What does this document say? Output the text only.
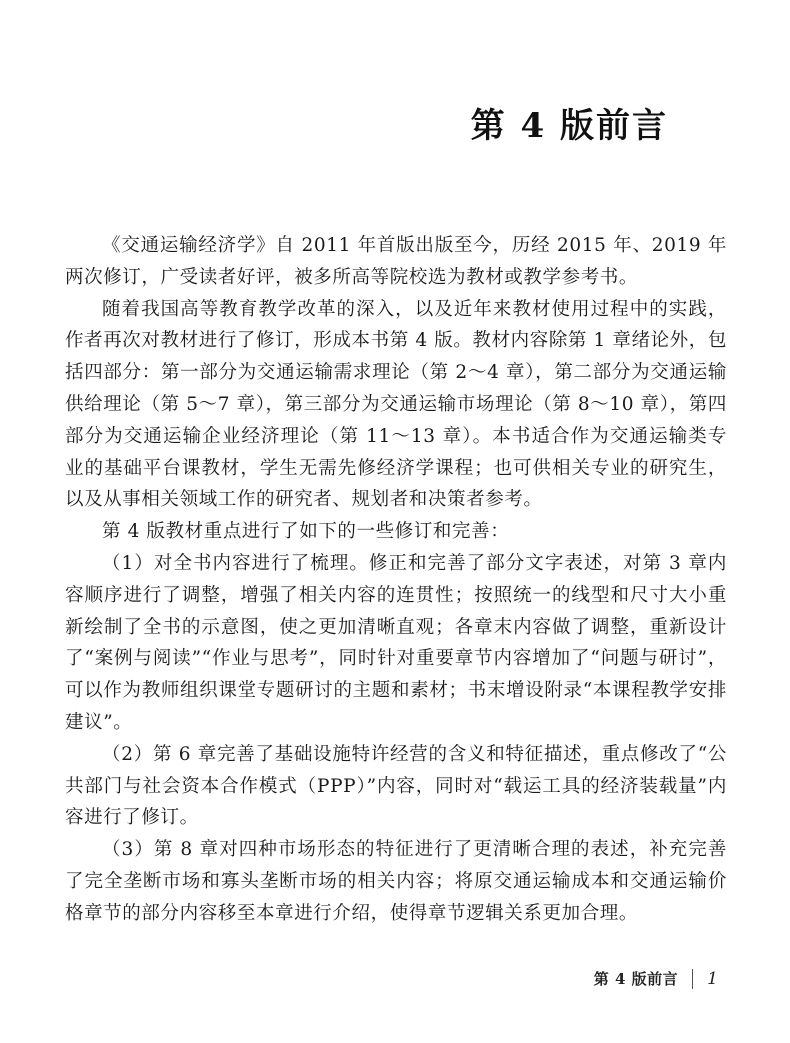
第 4 版前言

《交通运输经济学》自 2011 年首版出版至今，历经 2015 年、2019 年两次修订，广受读者好评，被多所高等院校选为教材或教学参考书。

随着我国高等教育教学改革的深入，以及近年来教材使用过程中的实践，作者再次对教材进行了修订，形成本书第 4 版。教材内容除第 1 章绪论外，包括四部分：第一部分为交通运输需求理论（第 2～4 章），第二部分为交通运输供给理论（第 5～7 章），第三部分为交通运输市场理论（第 8～10 章），第四部分为交通运输企业经济理论（第 11～13 章）。本书适合作为交通运输类专业的基础平台课教材，学生无需先修经济学课程；也可供相关专业的研究生，以及从事相关领域工作的研究者、规划者和决策者参考。

第 4 版教材重点进行了如下的一些修订和完善：

（1）对全书内容进行了梳理。修正和完善了部分文字表述，对第 3 章内容顺序进行了调整，增强了相关内容的连贯性；按照统一的线型和尺寸大小重新绘制了全书的示意图，使之更加清晰直观；各章末内容做了调整，重新设计了“案例与阅读”“作业与思考”，同时针对重要章节内容增加了“问题与研讨”，可以作为教师组织课堂专题研讨的主题和素材；书末增设附录“本课程教学安排建议”。

（2）第 6 章完善了基础设施特许经营的含义和特征描述，重点修改了“公共部门与社会资本合作模式（PPP）”内容，同时对“载运工具的经济装载量”内容进行了修订。

（3）第 8 章对四种市场形态的特征进行了更清晰合理的表述，补充完善了完全垄断市场和寡头垄断市场的相关内容；将原交通运输成本和交通运输价格章节的部分内容移至本章进行介绍，使得章节逻辑关系更加合理。

第 4 版前言 1
